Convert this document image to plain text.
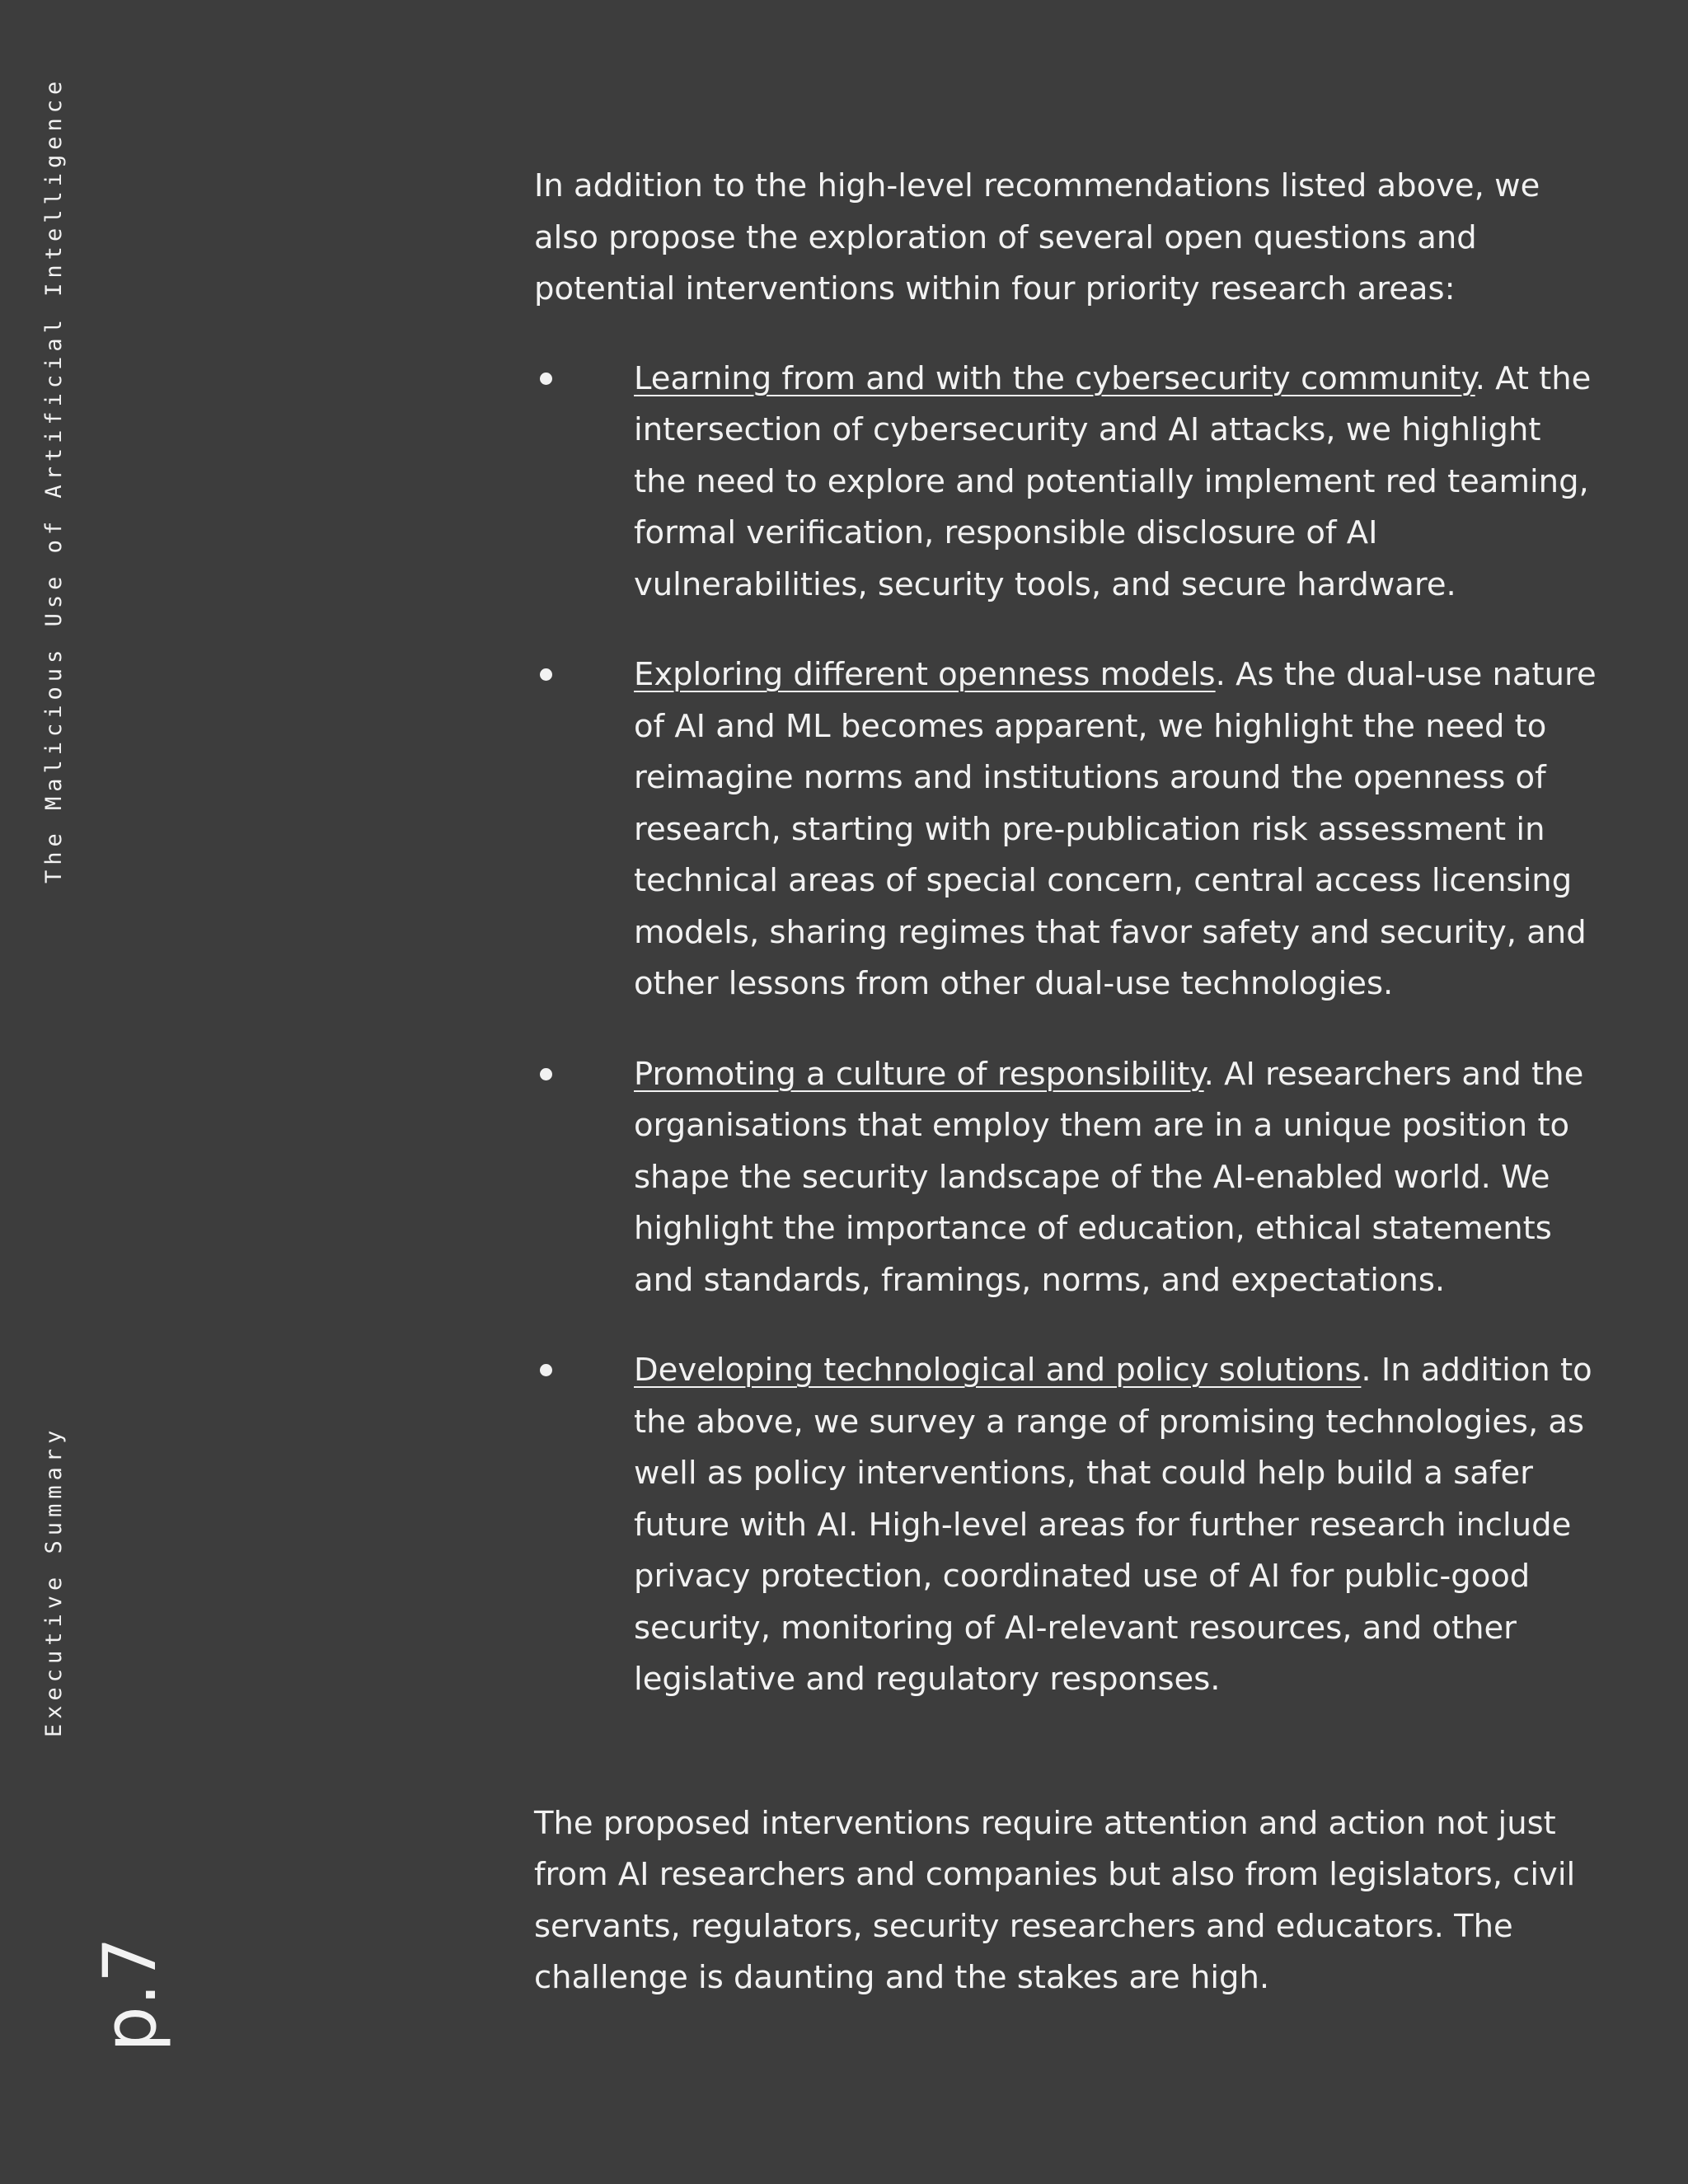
The Malicious Use of Artificial Intelligence
Executive Summary
p.7

In addition to the high-level recommendations listed above, we also propose the exploration of several open questions and potential interventions within four priority research areas:

Learning from and with the cybersecurity community. At the intersection of cybersecurity and AI attacks, we highlight the need to explore and potentially implement red teaming, formal verification, responsible disclosure of AI vulnerabilities, security tools, and secure hardware.
Exploring different openness models. As the dual-use nature of AI and ML becomes apparent, we highlight the need to reimagine norms and institutions around the openness of research, starting with pre-publication risk assessment in technical areas of special concern, central access licensing models, sharing regimes that favor safety and security, and other lessons from other dual-use technologies.
Promoting a culture of responsibility. AI researchers and the organisations that employ them are in a unique position to shape the security landscape of the AI-enabled world. We highlight the importance of education, ethical statements and standards, framings, norms, and expectations.
Developing technological and policy solutions. In addition to the above, we survey a range of promising technologies, as well as policy interventions, that could help build a safer future with AI. High-level areas for further research include privacy protection, coordinated use of AI for public-good security, monitoring of AI-relevant resources, and other legislative and regulatory responses.

The proposed interventions require attention and action not just from AI researchers and companies but also from legislators, civil servants, regulators, security researchers and educators. The challenge is daunting and the stakes are high.
